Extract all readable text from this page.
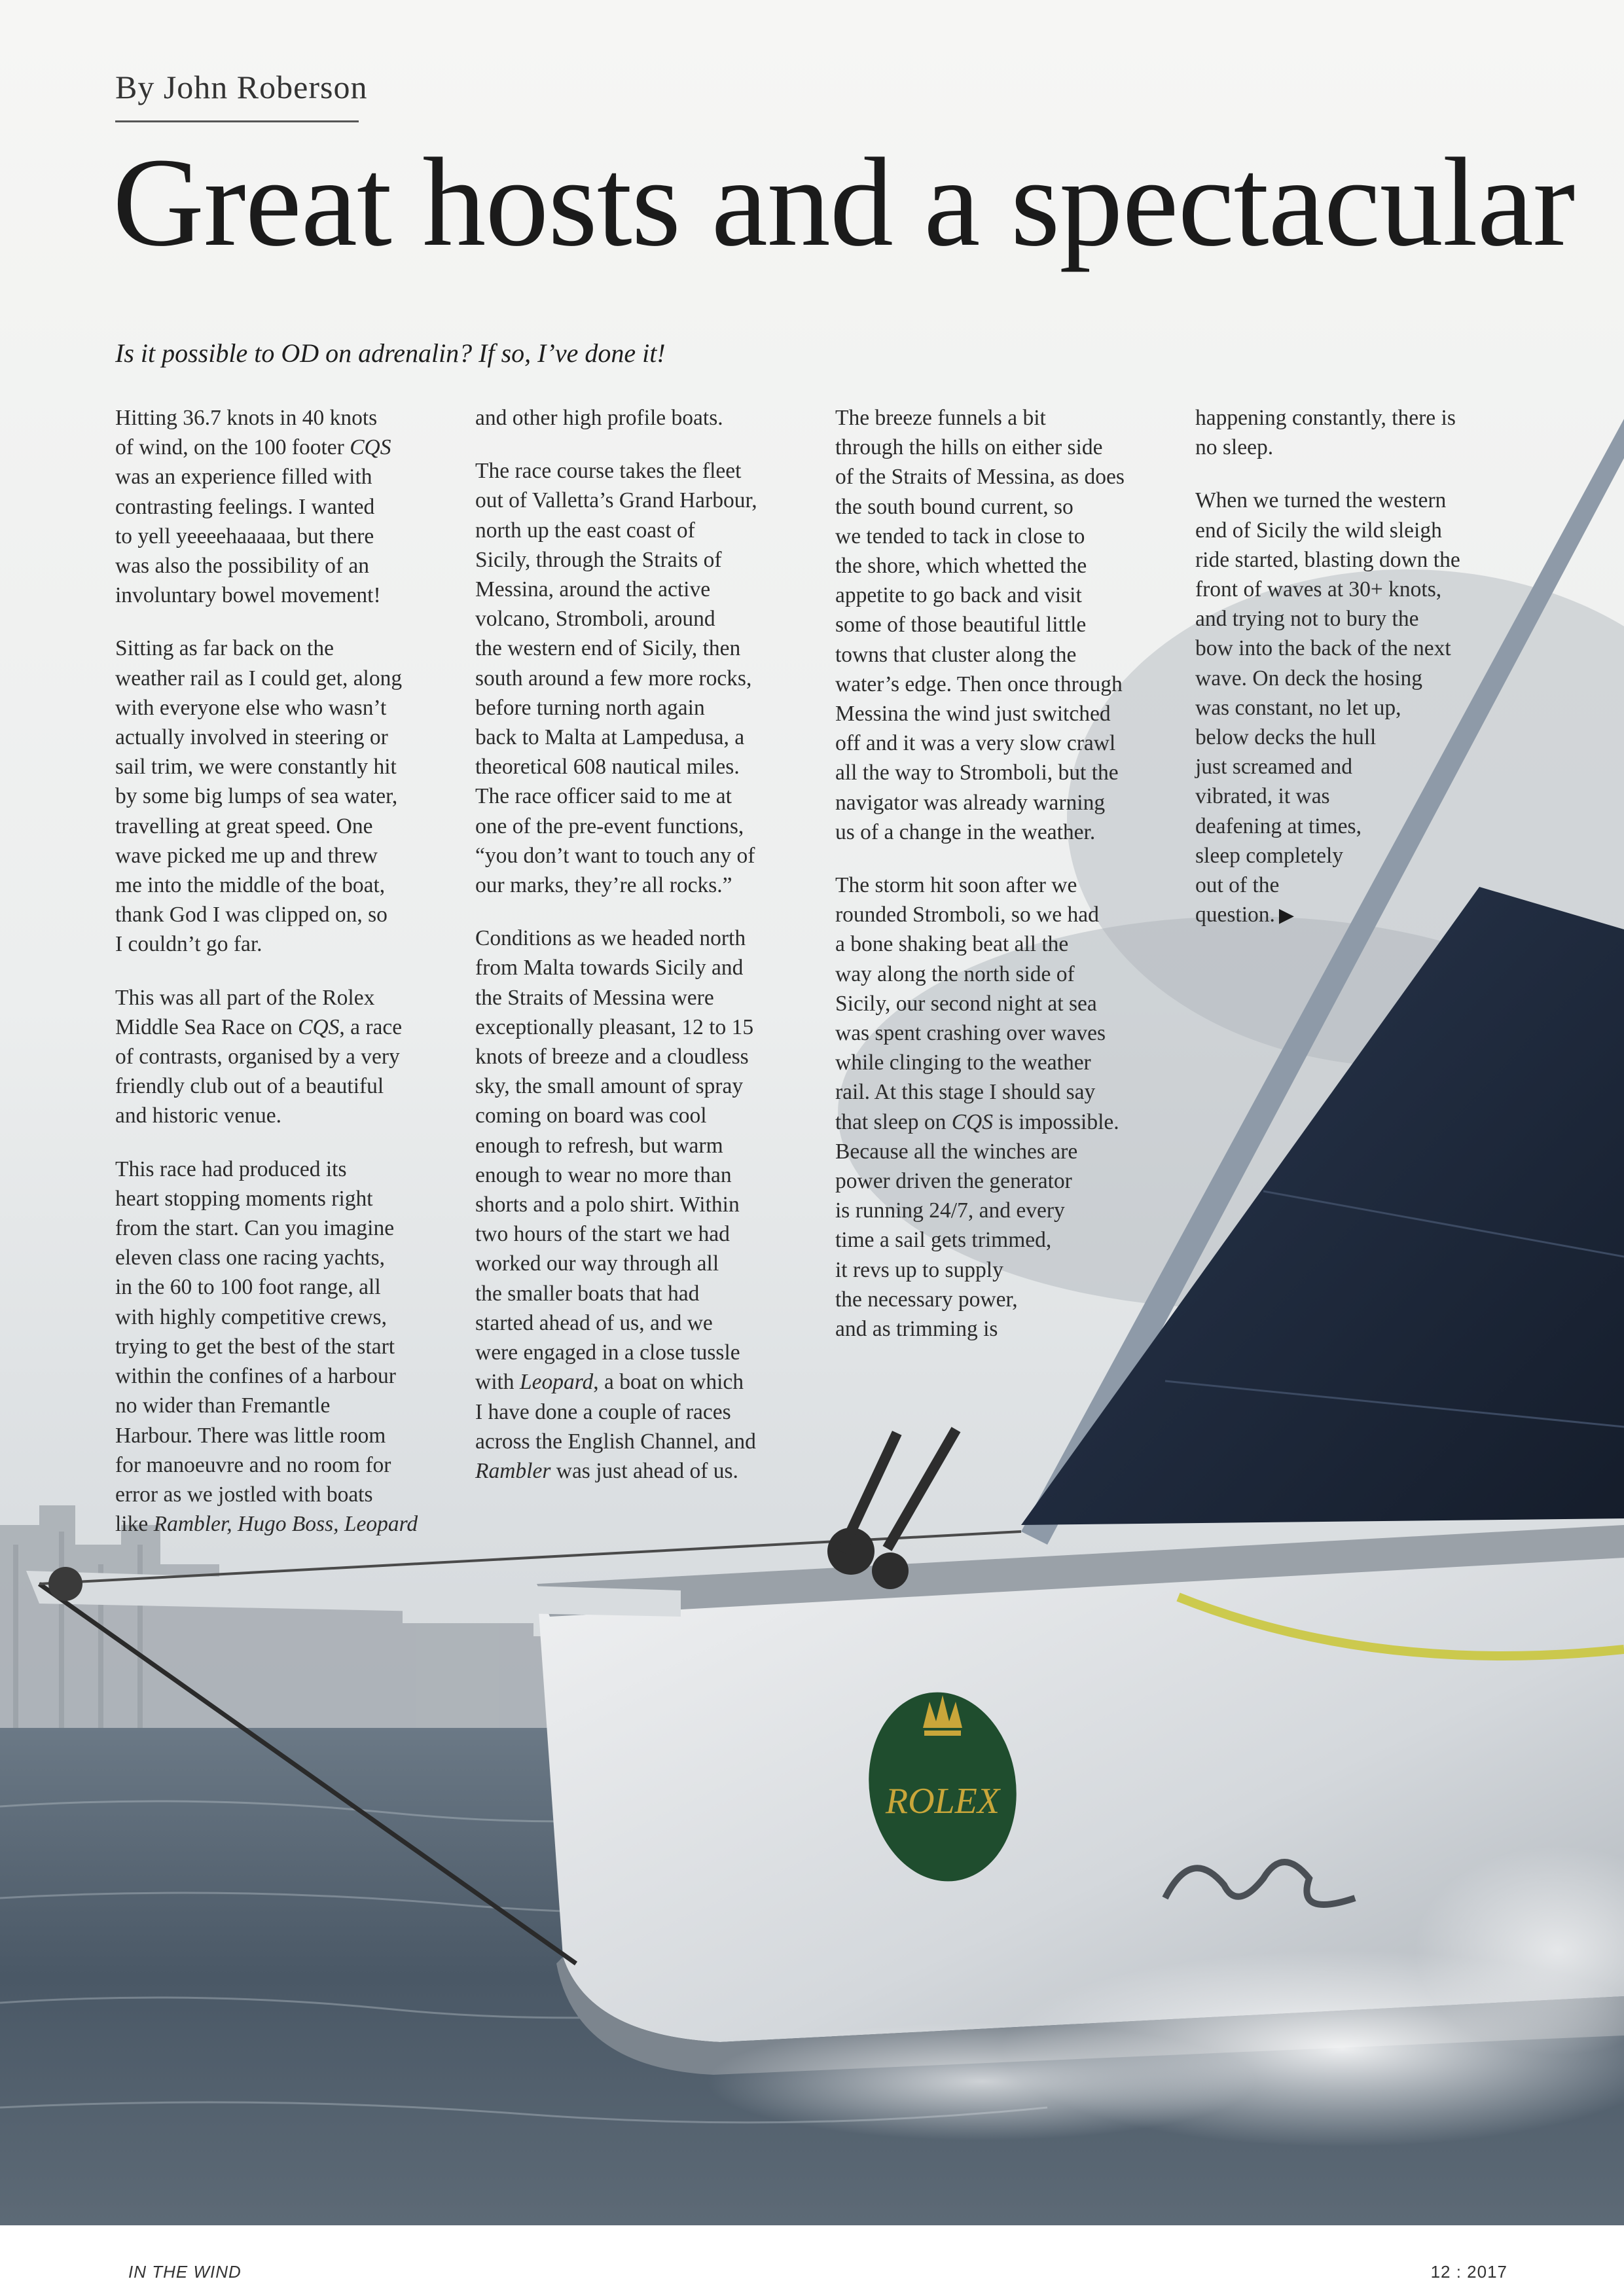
ROLEX
By John Roberson
Great hosts and a spectacular
Is it possible to OD on adrenalin? If so, I’ve done it!

Hitting 36.7 knots in 40 knots
of wind, on the 100 footer CQS
was an experience filled with
contrasting feelings. I wanted
to yell yeeeehaaaaa, but there
was also the possibility of an
involuntary bowel movement!

Sitting as far back on the
weather rail as I could get, along
with everyone else who wasn’t
actually involved in steering or
sail trim, we were constantly hit
by some big lumps of sea water,
travelling at great speed. One
wave picked me up and threw
me into the middle of the boat,
thank God I was clipped on, so
I couldn’t go far.

This was all part of the Rolex
Middle Sea Race on CQS, a race
of contrasts, organised by a very
friendly club out of a beautiful
and historic venue.

This race had produced its
heart stopping moments right
from the start. Can you imagine
eleven class one racing yachts,
in the 60 to 100 foot range, all
with highly competitive crews,
trying to get the best of the start
within the confines of a harbour
no wider than Fremantle
Harbour. There was little room
for manoeuvre and no room for
error as we jostled with boats
like Rambler, Hugo Boss, Leopard

and other high profile boats.

The race course takes the fleet
out of Valletta’s Grand Harbour,
north up the east coast of
Sicily, through the Straits of
Messina, around the active
volcano, Stromboli, around
the western end of Sicily, then
south around a few more rocks,
before turning north again
back to Malta at Lampedusa, a
theoretical 608 nautical miles.
The race officer said to me at
one of the pre-event functions,
“you don’t want to touch any of
our marks, they’re all rocks.”

Conditions as we headed north
from Malta towards Sicily and
the Straits of Messina were
exceptionally pleasant, 12 to 15
knots of breeze and a cloudless
sky, the small amount of spray
coming on board was cool
enough to refresh, but warm
enough to wear no more than
shorts and a polo shirt. Within
two hours of the start we had
worked our way through all
the smaller boats that had
started ahead of us, and we
were engaged in a close tussle
with Leopard, a boat on which
I have done a couple of races
across the English Channel, and
Rambler was just ahead of us.

The breeze funnels a bit
through the hills on either side
of the Straits of Messina, as does
the south bound current, so
we tended to tack in close to
the shore, which whetted the
appetite to go back and visit
some of those beautiful little
towns that cluster along the
water’s edge. Then once through
Messina the wind just switched
off and it was a very slow crawl
all the way to Stromboli, but the
navigator was already warning
us of a change in the weather.

The storm hit soon after we
rounded Stromboli, so we had
a bone shaking beat all the
way along the north side of
Sicily, our second night at sea
was spent crashing over waves
while clinging to the weather
rail. At this stage I should say
that sleep on CQS is impossible.
Because all the winches are
power driven the generator
is running 24/7, and every
time a sail gets trimmed,
it revs up to supply
the necessary power,
and as trimming is

happening constantly, there is
no sleep.

When we turned the western
end of Sicily the wild sleigh
ride started, blasting down the
front of waves at 30+ knots,
and trying not to bury the
bow into the back of the next
wave. On deck the hosing
was constant, no let up,
below decks the hull
just screamed and
vibrated, it was
deafening at times,
sleep completely
out of the
question. ▶

2 IN THE WIND	12 : 2017
